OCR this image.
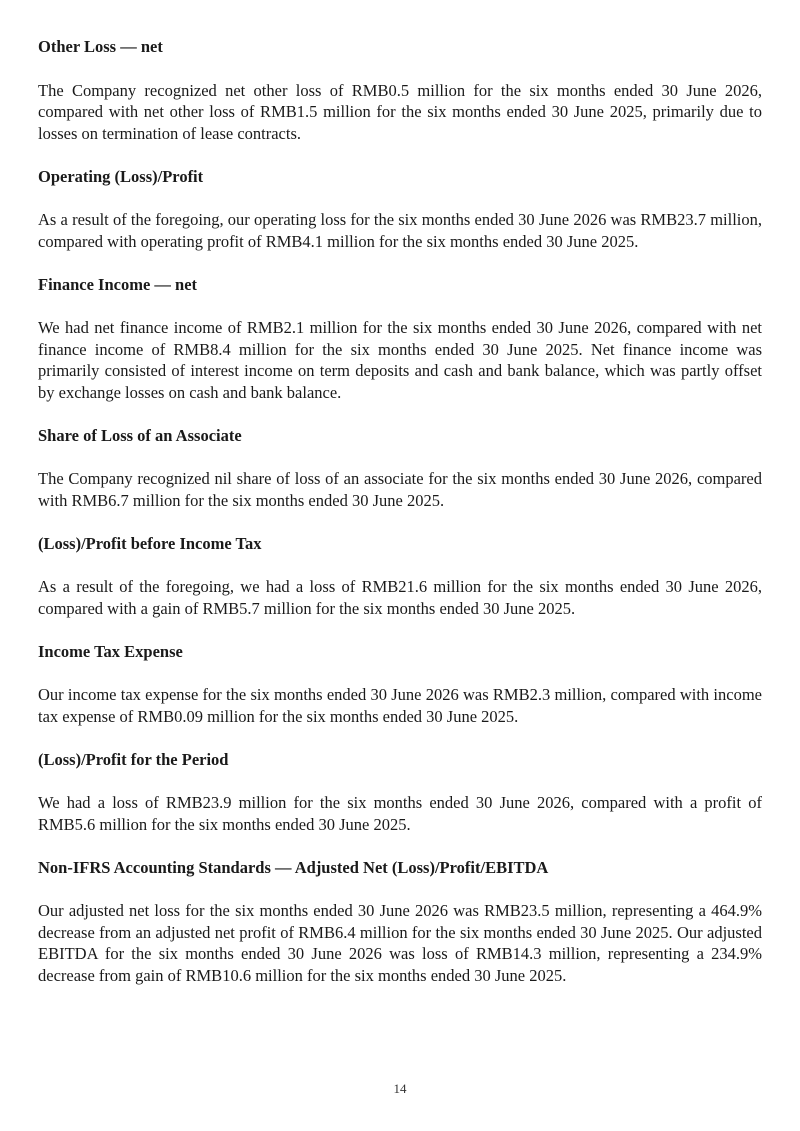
Other Loss — net

The Company recognized net other loss of RMB0.5 million for the six months ended 30 June 2026, compared with net other loss of RMB1.5 million for the six months ended 30 June 2025, primarily due to losses on termination of lease contracts.

Operating (Loss)/Profit

As a result of the foregoing, our operating loss for the six months ended 30 June 2026 was RMB23.7 million, compared with operating profit of RMB4.1 million for the six months ended 30 June 2025.

Finance Income — net

We had net finance income of RMB2.1 million for the six months ended 30 June 2026, compared with net finance income of RMB8.4 million for the six months ended 30 June 2025. Net finance income was primarily consisted of interest income on term deposits and cash and bank balance, which was partly offset by exchange losses on cash and bank balance.

Share of Loss of an Associate

The Company recognized nil share of loss of an associate for the six months ended 30 June 2026, compared with RMB6.7 million for the six months ended 30 June 2025.

(Loss)/Profit before Income Tax

As a result of the foregoing, we had a loss of RMB21.6 million for the six months ended 30 June 2026, compared with a gain of RMB5.7 million for the six months ended 30 June 2025.

Income Tax Expense

Our income tax expense for the six months ended 30 June 2026 was RMB2.3 million, compared with income tax expense of RMB0.09 million for the six months ended 30 June 2025.

(Loss)/Profit for the Period

We had a loss of RMB23.9 million for the six months ended 30 June 2026, compared with a profit of RMB5.6 million for the six months ended 30 June 2025.

Non-IFRS Accounting Standards — Adjusted Net (Loss)/Profit/EBITDA

Our adjusted net loss for the six months ended 30 June 2026 was RMB23.5 million, representing a 464.9% decrease from an adjusted net profit of RMB6.4 million for the six months ended 30 June 2025. Our adjusted EBITDA for the six months ended 30 June 2026 was loss of RMB14.3 million, representing a 234.9% decrease from gain of RMB10.6 million for the six months ended 30 June 2025.

14
